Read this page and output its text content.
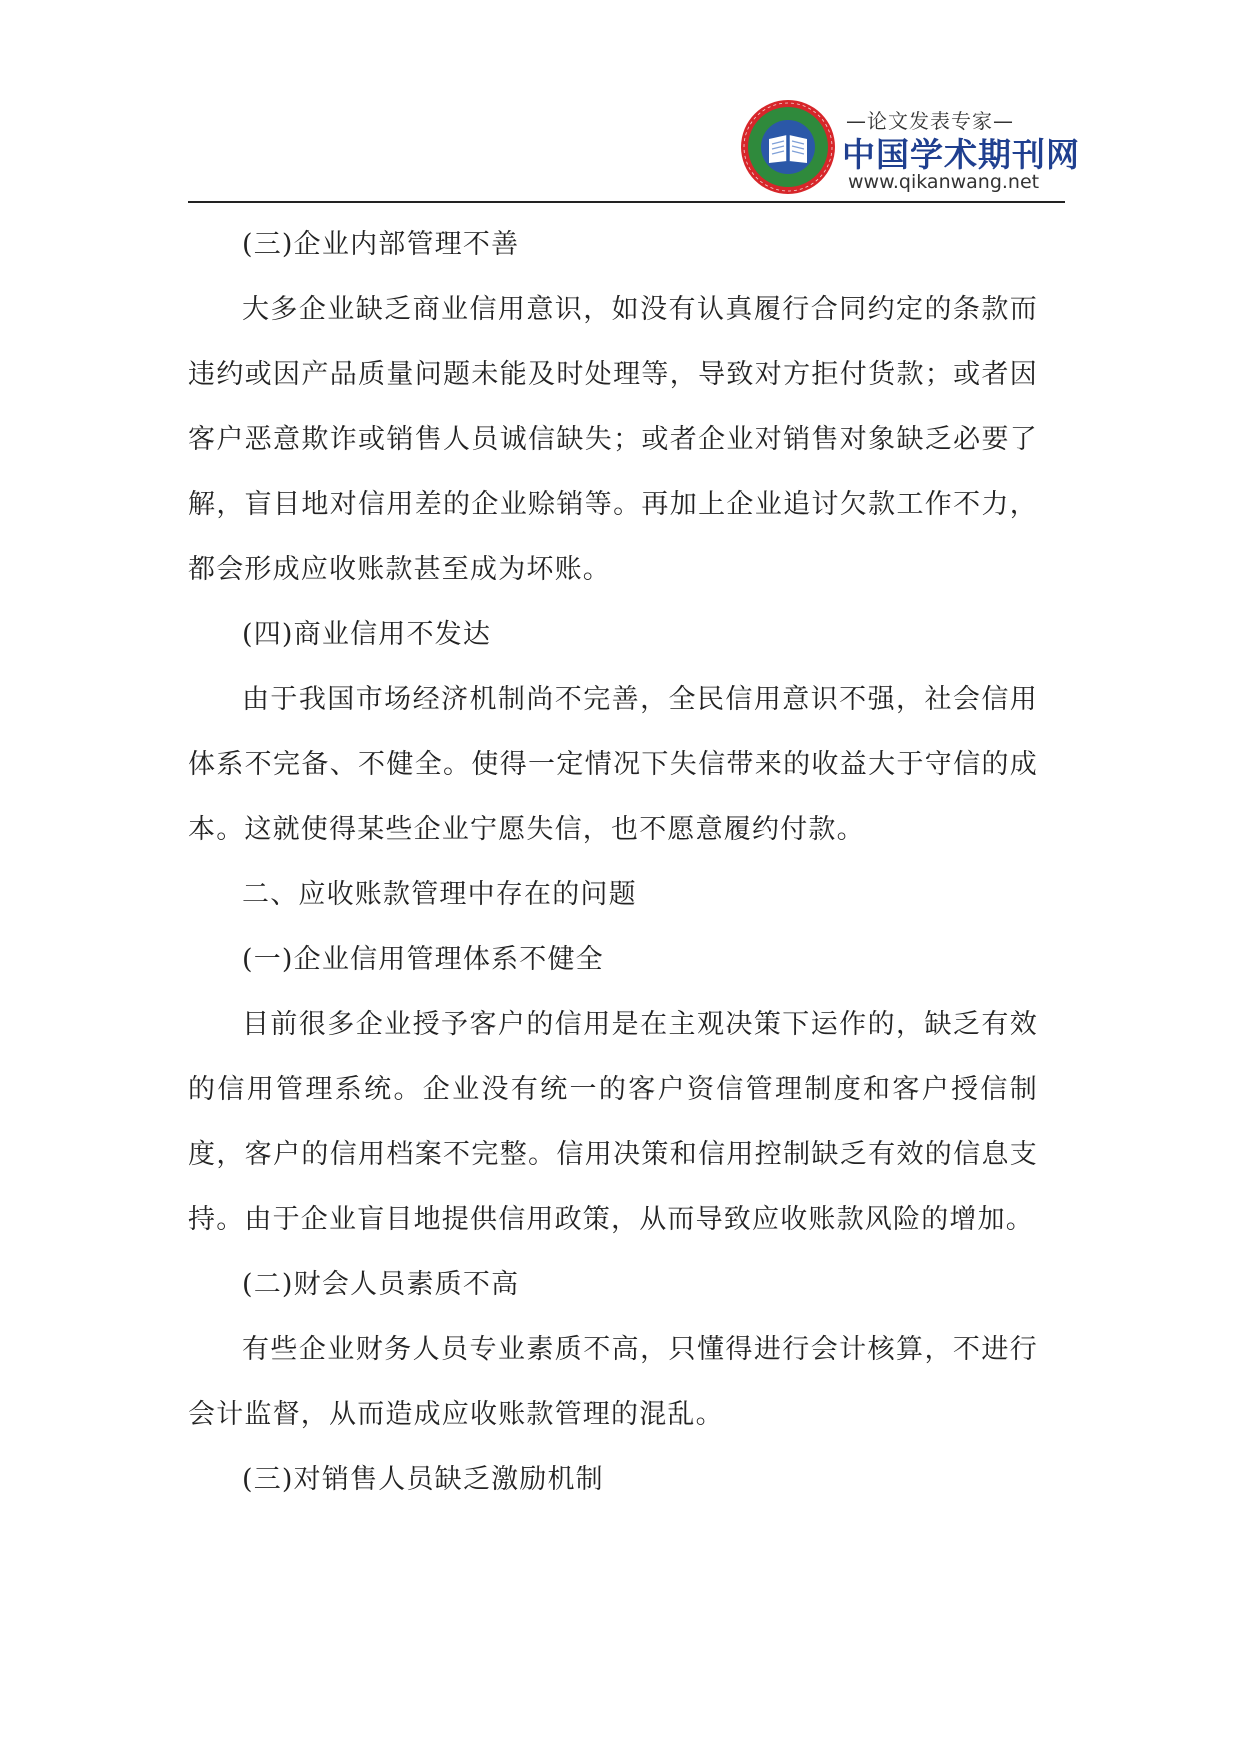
—论文发表专家—
中国学术期刊网
www.qikanwang.net

(三)企业内部管理不善

大多企业缺乏商业信用意识，如没有认真履行合同约定的条款而违约或因产品质量问题未能及时处理等，导致对方拒付货款；或者因客户恶意欺诈或销售人员诚信缺失；或者企业对销售对象缺乏必要了解，盲目地对信用差的企业赊销等。再加上企业追讨欠款工作不力，都会形成应收账款甚至成为坏账。

(四)商业信用不发达

由于我国市场经济机制尚不完善，全民信用意识不强，社会信用体系不完备、不健全。使得一定情况下失信带来的收益大于守信的成本。这就使得某些企业宁愿失信，也不愿意履约付款。

二、应收账款管理中存在的问题

(一)企业信用管理体系不健全

目前很多企业授予客户的信用是在主观决策下运作的，缺乏有效的信用管理系统。企业没有统一的客户资信管理制度和客户授信制度，客户的信用档案不完整。信用决策和信用控制缺乏有效的信息支持。由于企业盲目地提供信用政策，从而导致应收账款风险的增加。

(二)财会人员素质不高

有些企业财务人员专业素质不高，只懂得进行会计核算，不进行会计监督，从而造成应收账款管理的混乱。

(三)对销售人员缺乏激励机制
